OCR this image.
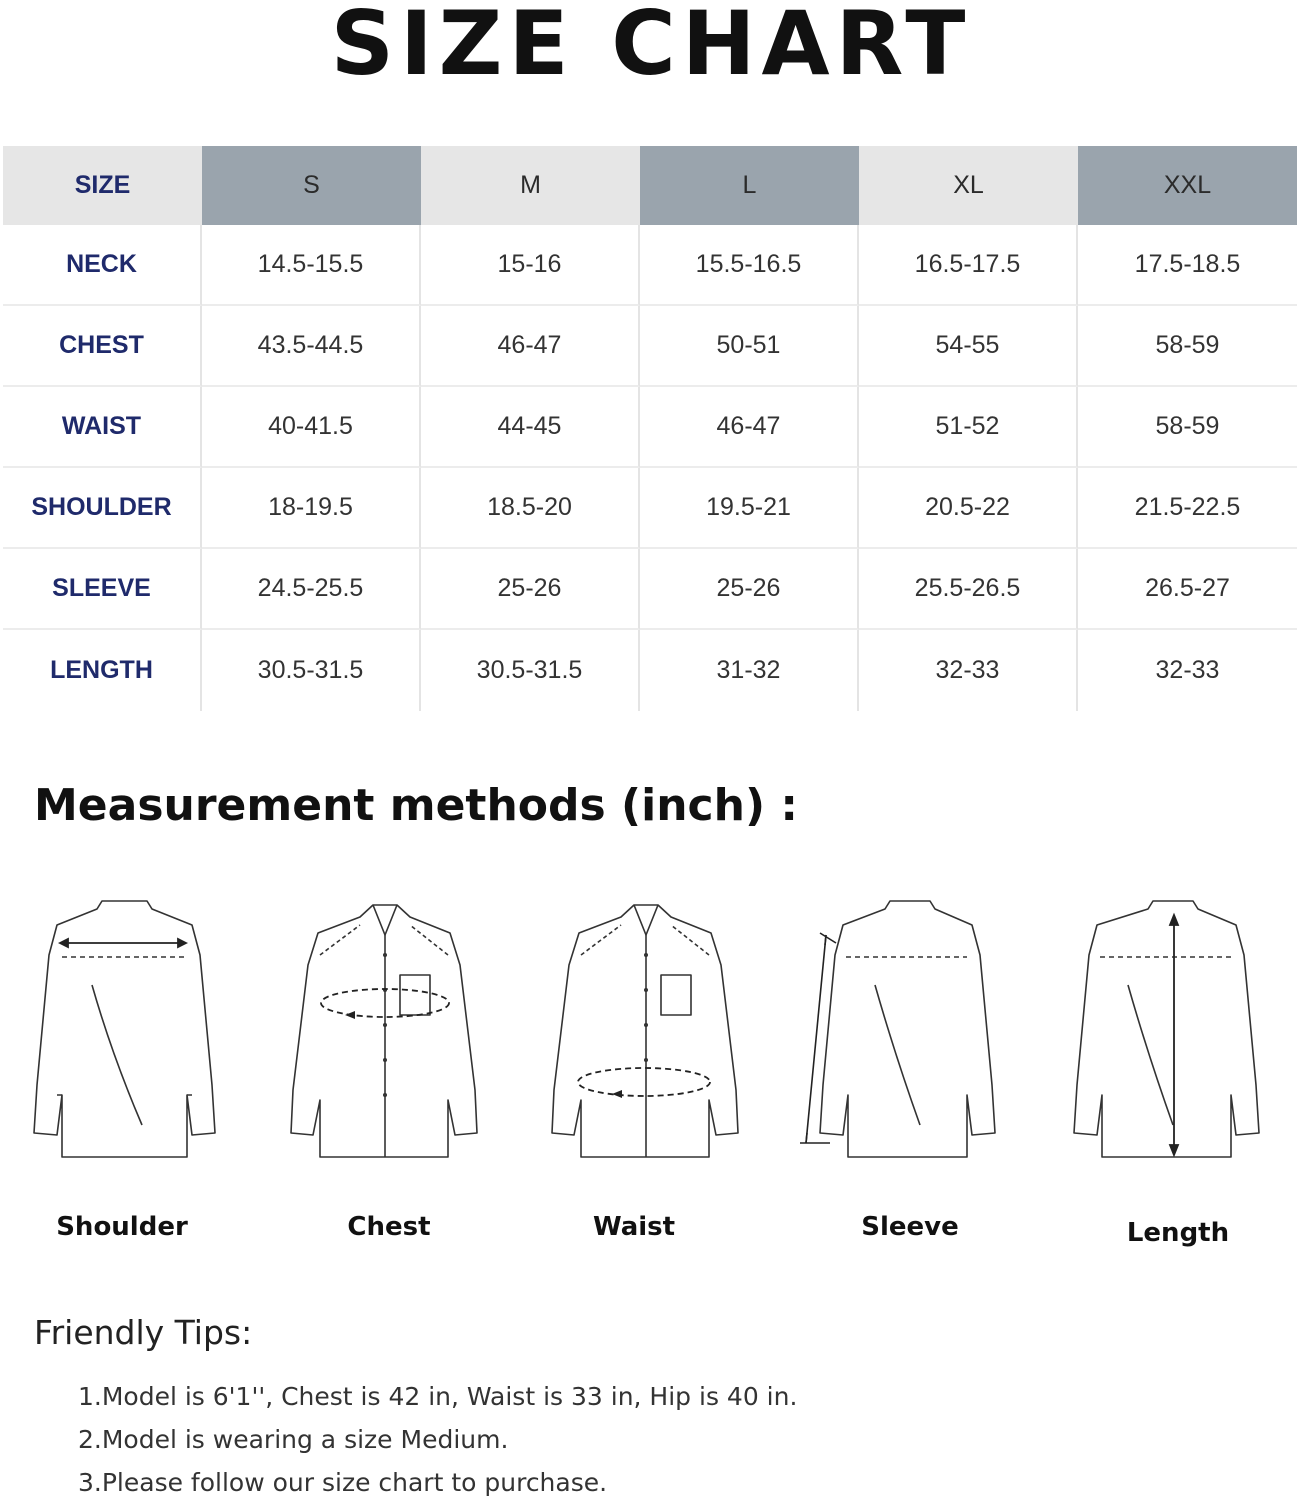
SIZE CHART
SIZE	S	M	L	XL	XXL
NECK	14.5-15.5	15-16	15.5-16.5	16.5-17.5	17.5-18.5
CHEST	43.5-44.5	46-47	50-51	54-55	58-59
WAIST	40-41.5	44-45	46-47	51-52	58-59
SHOULDER	18-19.5	18.5-20	19.5-21	20.5-22	21.5-22.5
SLEEVE	24.5-25.5	25-26	25-26	25.5-26.5	26.5-27
LENGTH	30.5-31.5	30.5-31.5	31-32	32-33	32-33
Measurement methods (inch) :
Shoulder	Chest	Waist	Sleeve	Length
Friendly Tips:
1.Model is 6'1'', Chest is 42 in, Waist is 33 in, Hip is 40 in.
2.Model is wearing a size Medium.
3.Please follow our size chart to purchase.
